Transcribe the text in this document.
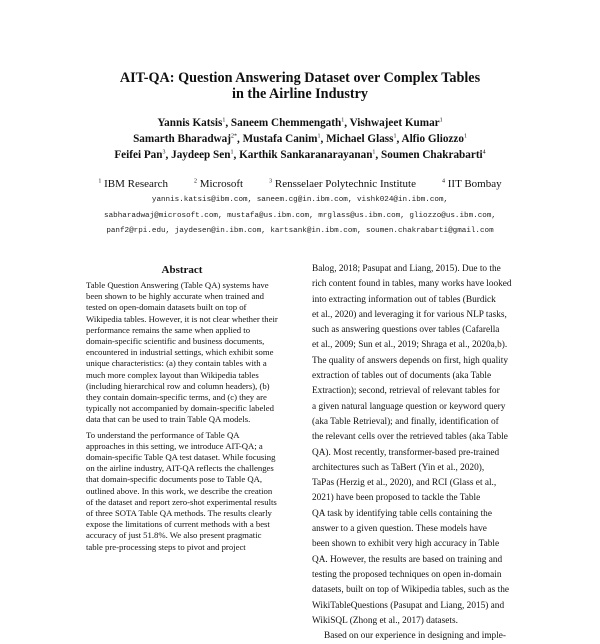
AIT-QA: Question Answering Dataset over Complex Tables
in the Airline Industry
Yannis Katsis$^1$, Saneem Chemmengath$^1$, Vishwajeet Kumar$^1$
Samarth Bharadwaj$^{2*}$, Mustafa Canim$^1$, Michael Glass$^1$, Alfio Gliozzo$^1$
Feifei Pan$^3$, Jaydeep Sen$^1$, Karthik Sankaranarayanan$^1$, Soumen Chakrabarti$^4$
$^1$ IBM Research	$^2$ Microsoft	$^3$ Rensselaer Polytechnic Institute	$^4$ IIT Bombay
yannis.katsis@ibm.com, saneem.cg@in.ibm.com, vishk024@in.ibm.com,
sabharadwaj@microsoft.com, mustafa@us.ibm.com, mrglass@us.ibm.com, gliozzo@us.ibm.com,
panf2@rpi.edu, jaydesen@in.ibm.com, kartsank@in.ibm.com, soumen.chakrabarti@gmail.com
Abstract

Table Question Answering (Table QA) systems have been shown to be highly accurate when trained and tested on open-domain datasets built on top of Wikipedia tables. However, it is not clear whether their performance remains the same when applied to domain-specific scientific and business documents, encountered in industrial settings, which exhibit some unique characteristics: (a) they contain tables with a much more complex layout than Wikipedia tables (including hierarchical row and column headers), (b) they contain domain-specific terms, and (c) they are typically not accompanied by domain-specific labeled data that can be used to train Table QA models.

To understand the performance of Table QA approaches in this setting, we introduce AIT-QA; a domain-specific Table QA test dataset. While focusing on the airline industry, AIT-QA reflects the challenges that domain-specific documents pose to Table QA, outlined above. In this work, we describe the creation of the dataset and report zero-shot experimental results of three SOTA Table QA methods. The results clearly expose the limitations of current methods with a best accuracy of just 51.8%. We also present pragmatic table pre-processing steps to pivot and project

Balog, 2018; Pasupat and Liang, 2015). Due to the
rich content found in tables, many works have looked
into extracting information out of tables (Burdick
et al., 2020) and leveraging it for various NLP tasks,
such as answering questions over tables (Cafarella
et al., 2009; Sun et al., 2019; Shraga et al., 2020a,b).
The quality of answers depends on first, high quality
extraction of tables out of documents (aka Table
Extraction); second, retrieval of relevant tables for
a given natural language question or keyword query
(aka Table Retrieval); and finally, identification of
the relevant cells over the retrieved tables (aka Table
QA). Most recently, transformer-based pre-trained
architectures such as TaBert (Yin et al., 2020),
TaPas (Herzig et al., 2020), and RCI (Glass et al.,
2021) have been proposed to tackle the Table
QA task by identifying table cells containing the
answer to a given question. These models have
been shown to exhibit very high accuracy in Table
QA. However, the results are based on training and
testing the proposed techniques on open in-domain
datasets, built on top of Wikipedia tables, such as the
WikiTableQuestions (Pasupat and Liang, 2015) and
WikiSQL (Zhong et al., 2017) datasets.
Based on our experience in designing and imple-
